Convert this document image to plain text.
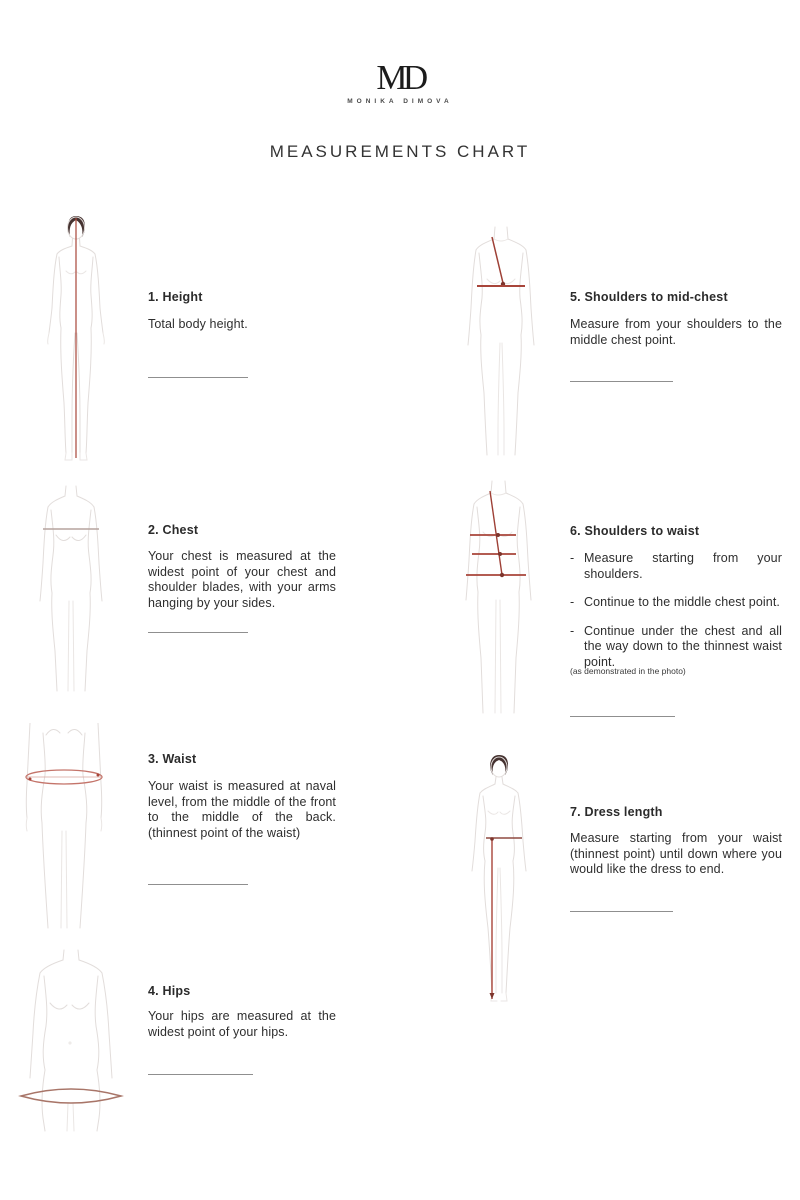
MD
MONIKA DIMOVA
MEASUREMENTS CHART
1. Height
Total body height.
2. Chest
Your chest is measured at the widest point of your chest and shoulder blades, with your arms hanging by your sides.
3. Waist
Your waist is measured at naval level, from the middle of the front to the middle of the back. (thinnest point of the waist)
4. Hips
Your hips are measured at the widest point of your hips.
5. Shoulders to mid-chest
Measure from your shoulders to the middle chest point.
6. Shoulders to waist
- Measure starting from your shoulders.
- Continue to the middle chest point.
- Continue under the chest and all the way down to the thinnest waist point.
(as demonstrated in the photo)
7. Dress length
Measure starting from your waist (thinnest point) until down where you would like the dress to end.
